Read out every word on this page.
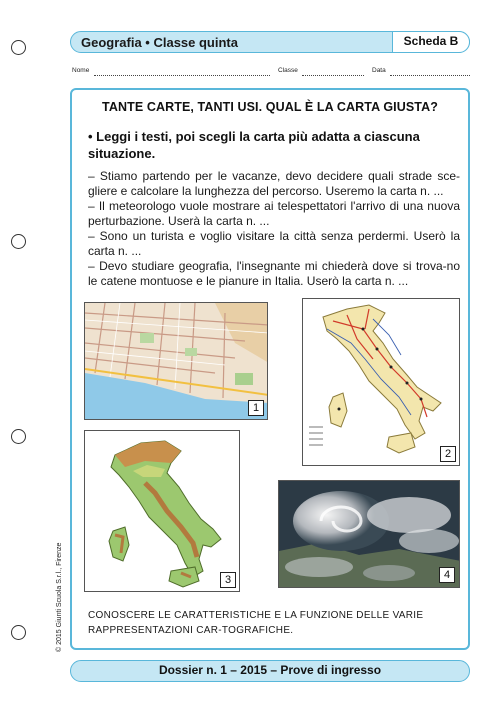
Geografia • Classe quinta	Scheda B
Nome	Classe	Data
TANTE CARTE, TANTI USI. QUAL È LA CARTA GIUSTA?
• Leggi i testi, poi scegli la carta più adatta a ciascuna situazione.

– Stiamo partendo per le vacanze, devo decidere quali strade sce-gliere e calcolare la lunghezza del percorso. Useremo la carta n. ...

– Il meteorologo vuole mostrare ai telespettatori l'arrivo di una nuova perturbazione. Userà la carta n. ...

– Sono un turista e voglio visitare la città senza perdermi. Userò la carta n. ...

– Devo studiare geografia, l'insegnante mi chiederà dove si trova-no le catene montuose e le pianure in Italia. Userò la carta n. ...

1
2
3	4
CONOSCERE LE CARATTERISTICHE E LA FUNZIONE DELLE VARIE RAPPRESENTAZIONI CAR-TOGRAFICHE.
© 2015 Giunti Scuola S.r.l., Firenze
Dossier n. 1 – 2015 – Prove di ingresso
